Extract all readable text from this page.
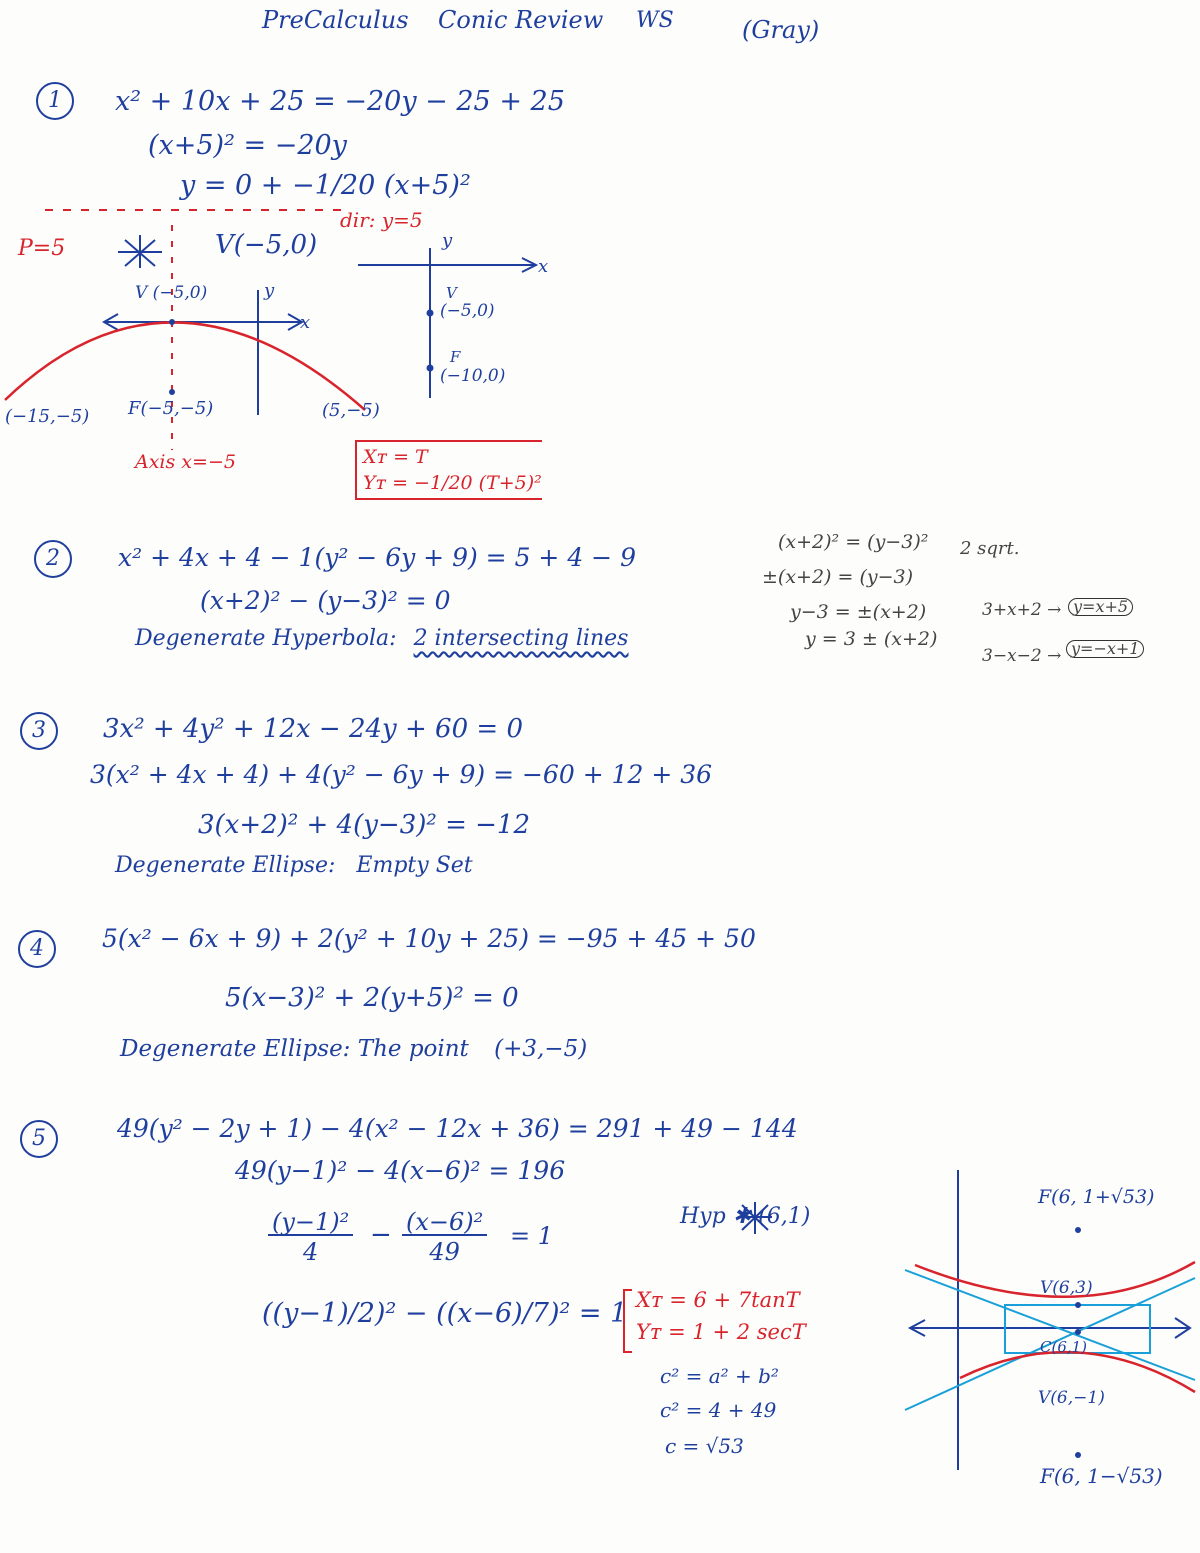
PreCalculus Conic Review WS	(Gray)
1	x² + 10x + 25 = −20y − 25 + 25
(x+5)² = −20y
y = 0 + −1/20 (x+5)²
dir: y=5
P=5	V(−5,0)
V (−5,0)	y
x
(−15,−5) F(−5,−5)	(5,−5)
Axis x=−5
y
x
V
(−5,0)
F
(−10,0)
Xᴛ = T
Yᴛ = −1/20 (T+5)²
2	x² + 4x + 4 − 1(y² − 6y + 9) = 5 + 4 − 9
(x+2)² − (y−3)² = 0
Degenerate Hyperbola: 2 intersecting lines
(x+2)² = (y−3)² 2 sqrt.
±(x+2) = (y−3)
y−3 = ±(x+2)
y = 3 ± (x+2)
3+x+2 → y=x+5
3−x−2 → y=−x+1
3	3x² + 4y² + 12x − 24y + 60 = 0
3(x² + 4x + 4) + 4(y² − 6y + 9) = −60 + 12 + 36
3(x+2)² + 4(y−3)² = −12
Degenerate Ellipse: Empty Set
4	5(x² − 6x + 9) + 2(y² + 10y + 25) = −95 + 45 + 50
5(x−3)² + 2(y+5)² = 0
Degenerate Ellipse: The point (+3,−5)
5	49(y² − 2y + 1) − 4(x² − 12x + 36) = 291 + 49 − 144
49(y−1)² − 4(x−6)² = 196
(y−1)²
4
− (x−6)²
49
= 1
((y−1)/2)² − ((x−6)/7)² = 1
Hyp ✱ (6,1)
Xᴛ = 6 + 7tanT
Yᴛ = 1 + 2 secT
c² = a² + b²
c² = 4 + 49
c = √53
F(6, 1+√53)
V(6,3)
C(6,1)
V(6,−1)
F(6, 1−√53)
